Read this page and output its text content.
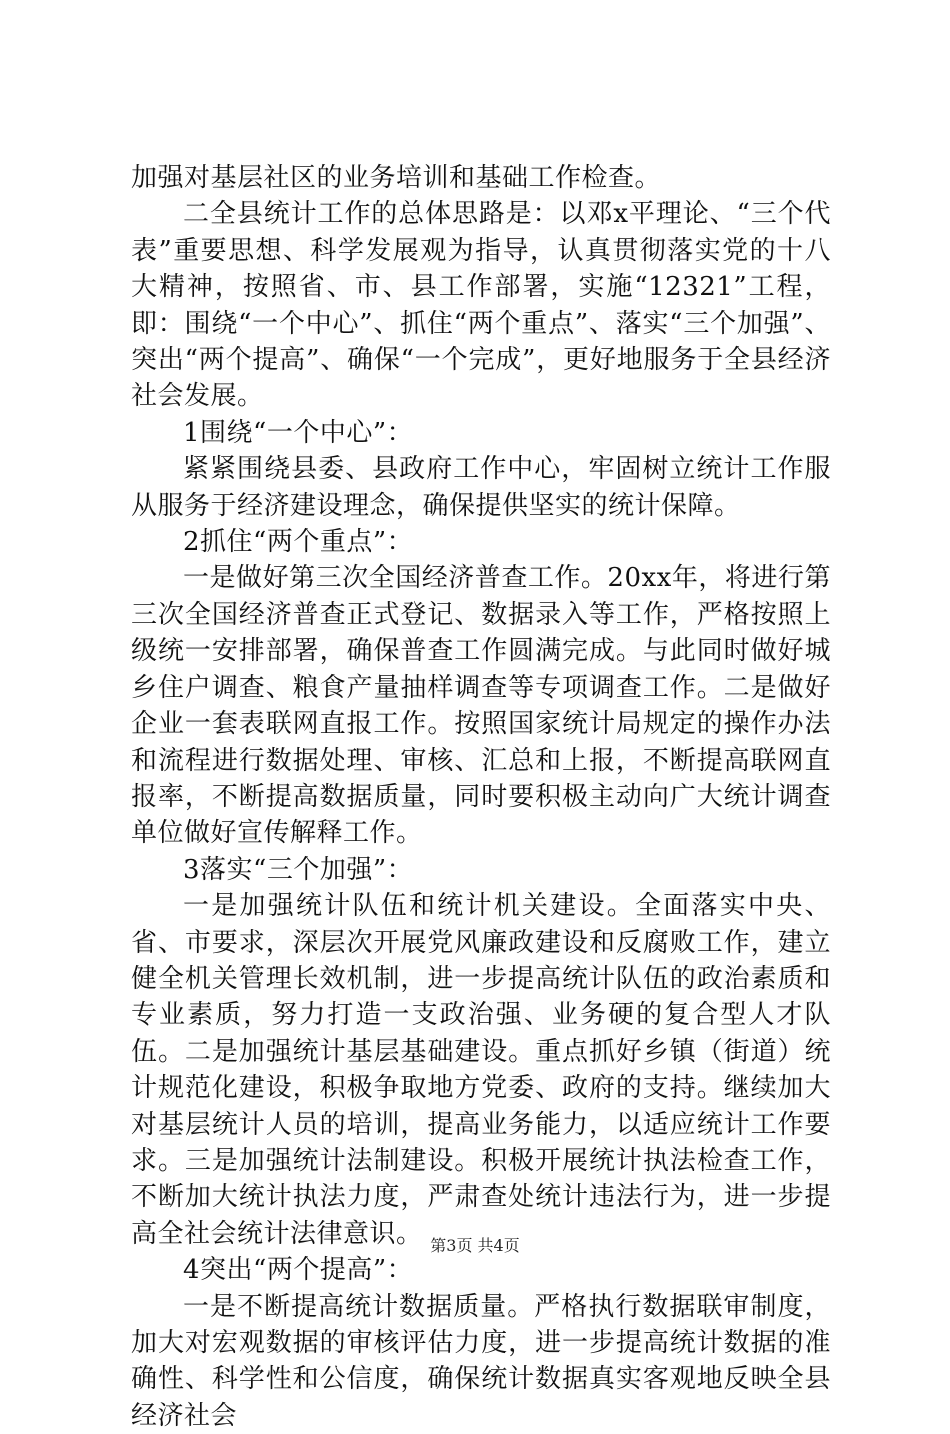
加强对基层社区的业务培训和基础工作检查。

二全县统计工作的总体思路是：以邓x平理论、“三个代表”重要思想、科学发展观为指导，认真贯彻落实党的十八大精神，按照省、市、县工作部署，实施“12321”工程，即：围绕“一个中心”、抓住“两个重点”、落实“三个加强”、突出“两个提高”、确保“一个完成”，更好地服务于全县经济社会发展。

1围绕“一个中心”：

紧紧围绕县委、县政府工作中心，牢固树立统计工作服从服务于经济建设理念，确保提供坚实的统计保障。

2抓住“两个重点”：

一是做好第三次全国经济普查工作。20xx年，将进行第三次全国经济普查正式登记、数据录入等工作，严格按照上级统一安排部署，确保普查工作圆满完成。与此同时做好城乡住户调查、粮食产量抽样调查等专项调查工作。二是做好企业一套表联网直报工作。按照国家统计局规定的操作办法和流程进行数据处理、审核、汇总和上报，不断提高联网直报率，不断提高数据质量，同时要积极主动向广大统计调查单位做好宣传解释工作。

3落实“三个加强”：

一是加强统计队伍和统计机关建设。全面落实中央、省、市要求，深层次开展党风廉政建设和反腐败工作，建立健全机关管理长效机制，进一步提高统计队伍的政治素质和专业素质，努力打造一支政治强、业务硬的复合型人才队伍。二是加强统计基层基础建设。重点抓好乡镇（街道）统计规范化建设，积极争取地方党委、政府的支持。继续加大对基层统计人员的培训，提高业务能力，以适应统计工作要求。三是加强统计法制建设。积极开展统计执法检查工作，不断加大统计执法力度，严肃查处统计违法行为，进一步提高全社会统计法律意识。

4突出“两个提高”：

一是不断提高统计数据质量。严格执行数据联审制度，加大对宏观数据的审核评估力度，进一步提高统计数据的准确性、科学性和公信度，确保统计数据真实客观地反映全县经济社会

第3页 共4页
